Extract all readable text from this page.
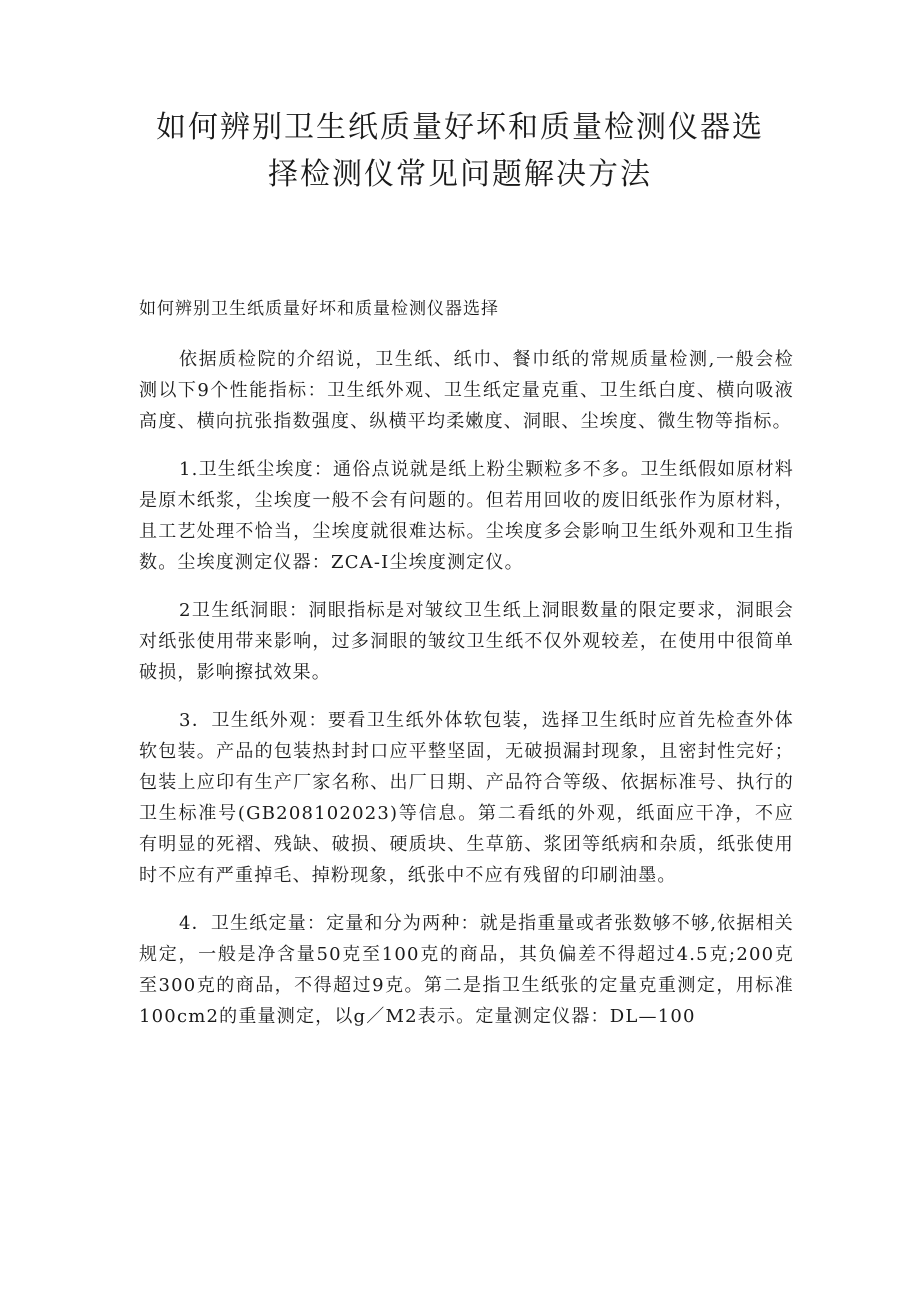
如何辨别卫生纸质量好坏和质量检测仪器选
择检测仪常见问题解决方法

如何辨别卫生纸质量好坏和质量检测仪器选择

依据质检院的介绍说，卫生纸、纸巾、餐巾纸的常规质量检测,一般会检测以下9个性能指标：卫生纸外观、卫生纸定量克重、卫生纸白度、横向吸液高度、横向抗张指数强度、纵横平均柔嫩度、洞眼、尘埃度、微生物等指标。

1.卫生纸尘埃度：通俗点说就是纸上粉尘颗粒多不多。卫生纸假如原材料是原木纸浆，尘埃度一般不会有问题的。但若用回收的废旧纸张作为原材料，且工艺处理不恰当，尘埃度就很难达标。尘埃度多会影响卫生纸外观和卫生指数。尘埃度测定仪器：ZCA-I尘埃度测定仪。

2卫生纸洞眼：洞眼指标是对皱纹卫生纸上洞眼数量的限定要求，洞眼会对纸张使用带来影响，过多洞眼的皱纹卫生纸不仅外观较差，在使用中很简单破损，影响擦拭效果。

3．卫生纸外观：要看卫生纸外体软包装，选择卫生纸时应首先检查外体软包装。产品的包装热封封口应平整坚固，无破损漏封现象，且密封性完好；包装上应印有生产厂家名称、出厂日期、产品符合等级、依据标准号、执行的卫生标准号(GB208102023)等信息。第二看纸的外观，纸面应干净，不应有明显的死褶、残缺、破损、硬质块、生草筋、浆团等纸病和杂质，纸张使用时不应有严重掉毛、掉粉现象，纸张中不应有残留的印刷油墨。

4．卫生纸定量：定量和分为两种：就是指重量或者张数够不够,依据相关规定，一般是净含量50克至100克的商品，其负偏差不得超过4.5克;200克至300克的商品，不得超过9克。第二是指卫生纸张的定量克重测定，用标准100cm2的重量测定，以g／M2表示。定量测定仪器：DL—100
